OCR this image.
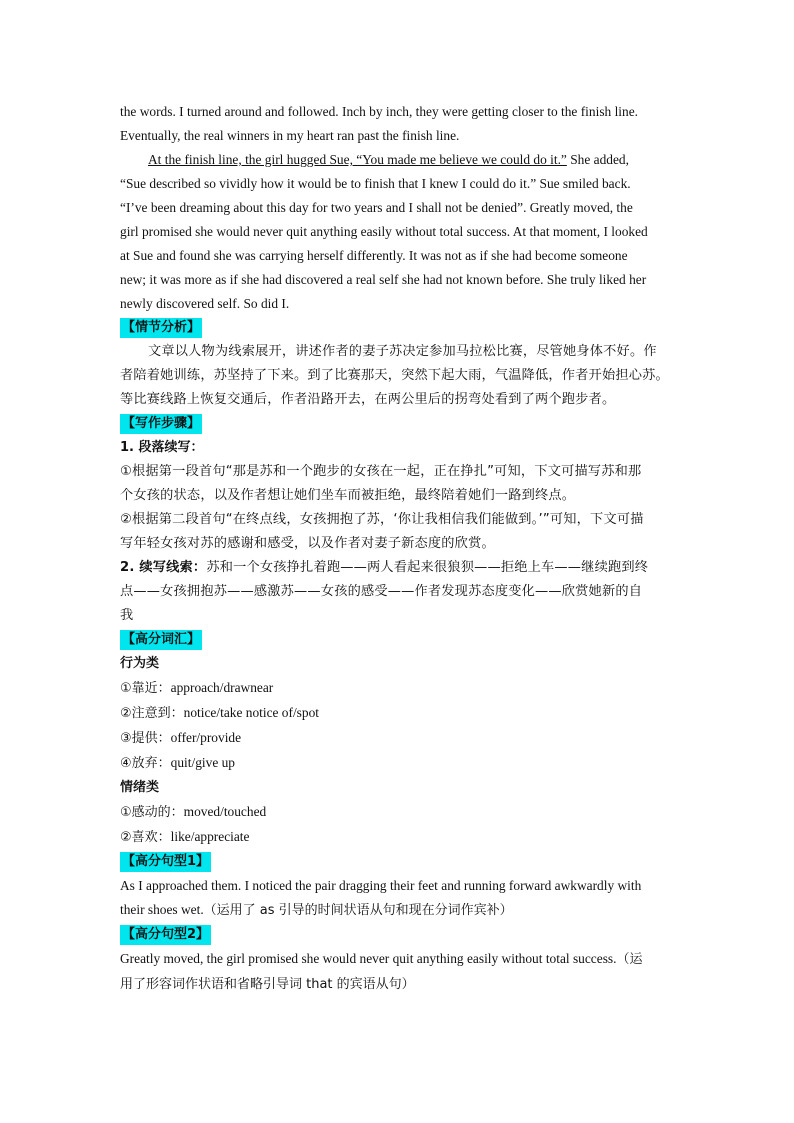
the words. I turned around and followed. Inch by inch, they were getting closer to the finish line.

Eventually, the real winners in my heart ran past the finish line.

At the finish line, the girl hugged Sue, “You made me believe we could do it.” She added,

“Sue described so vividly how it would be to finish that I knew I could do it.” Sue smiled back.

“I’ve been dreaming about this day for two years and I shall not be denied”. Greatly moved, the

girl promised she would never quit anything easily without total success. At that moment, I looked

at Sue and found she was carrying herself differently. It was not as if she had become someone

new; it was more as if she had discovered a real self she had not known before. She truly liked her

newly discovered self. So did I.

【情节分析】

文章以人物为线索展开，讲述作者的妻子苏决定参加马拉松比赛，尽管她身体不好。作

者陪着她训练，苏坚持了下来。到了比赛那天，突然下起大雨，气温降低，作者开始担心苏。

等比赛线路上恢复交通后，作者沿路开去，在两公里后的拐弯处看到了两个跑步者。

【写作步骤】

1. 段落续写：

①根据第一段首句“那是苏和一个跑步的女孩在一起，正在挣扎”可知，下文可描写苏和那

个女孩的状态，以及作者想让她们坐车而被拒绝，最终陪着她们一路到终点。

②根据第二段首句“在终点线，女孩拥抱了苏，‘你让我相信我们能做到。’”可知，下文可描

写年轻女孩对苏的感谢和感受，以及作者对妻子新态度的欣赏。

2. 续写线索：苏和一个女孩挣扎着跑——两人看起来很狼狈——拒绝上车——继续跑到终

点——女孩拥抱苏——感激苏——女孩的感受——作者发现苏态度变化——欣赏她新的自

我

【高分词汇】

行为类

①靠近：approach/drawnear

②注意到：notice/take notice of/spot

③提供：offer/provide

④放弃：quit/give up

情绪类

①感动的：moved/touched

②喜欢：like/appreciate

【高分句型1】

As I approached them. I noticed the pair dragging their feet and running forward awkwardly with

their shoes wet.（运用了 as 引导的时间状语从句和现在分词作宾补）

【高分句型2】

Greatly moved, the girl promised she would never quit anything easily without total success.（运

用了形容词作状语和省略引导词 that 的宾语从句）
